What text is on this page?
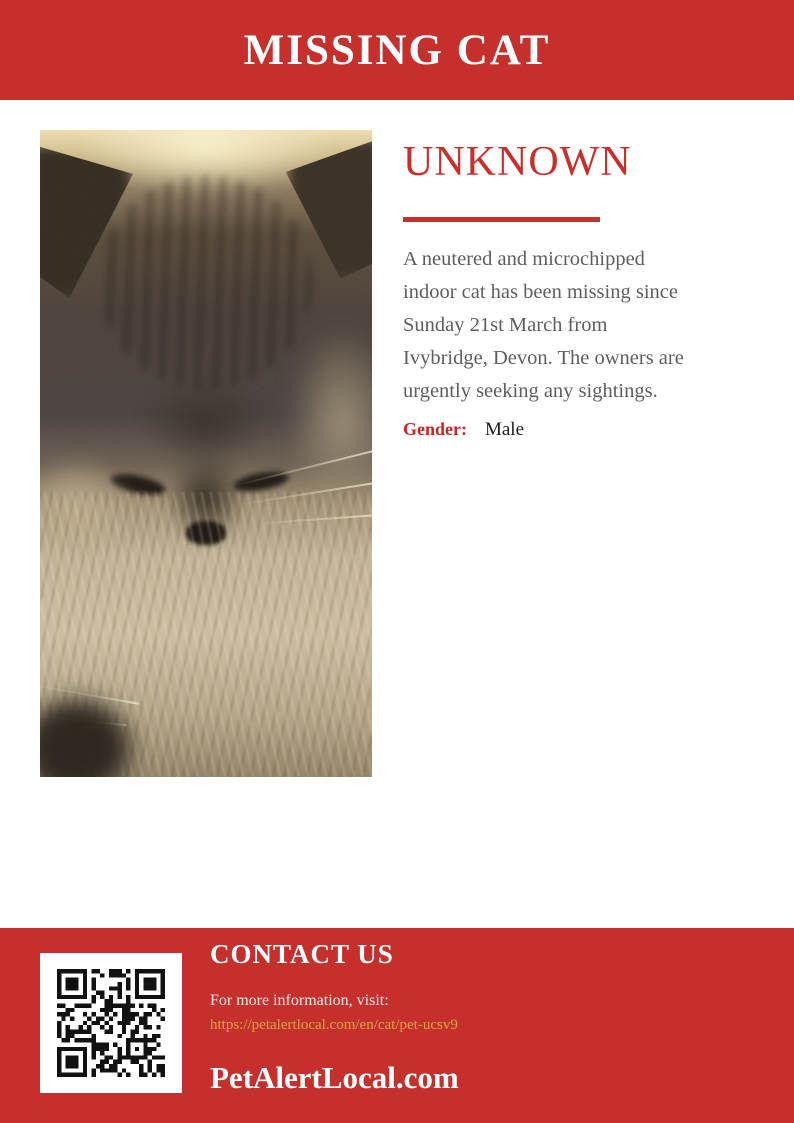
MISSING CAT
UNKNOWN

A neutered and microchipped indoor cat has been missing since Sunday 21st March from Ivybridge, Devon. The owners are urgently seeking any sightings.

Gender: Male
CONTACT US

For more information, visit:

https://petalertlocal.com/en/cat/pet-ucsv9
PetAlertLocal.com
